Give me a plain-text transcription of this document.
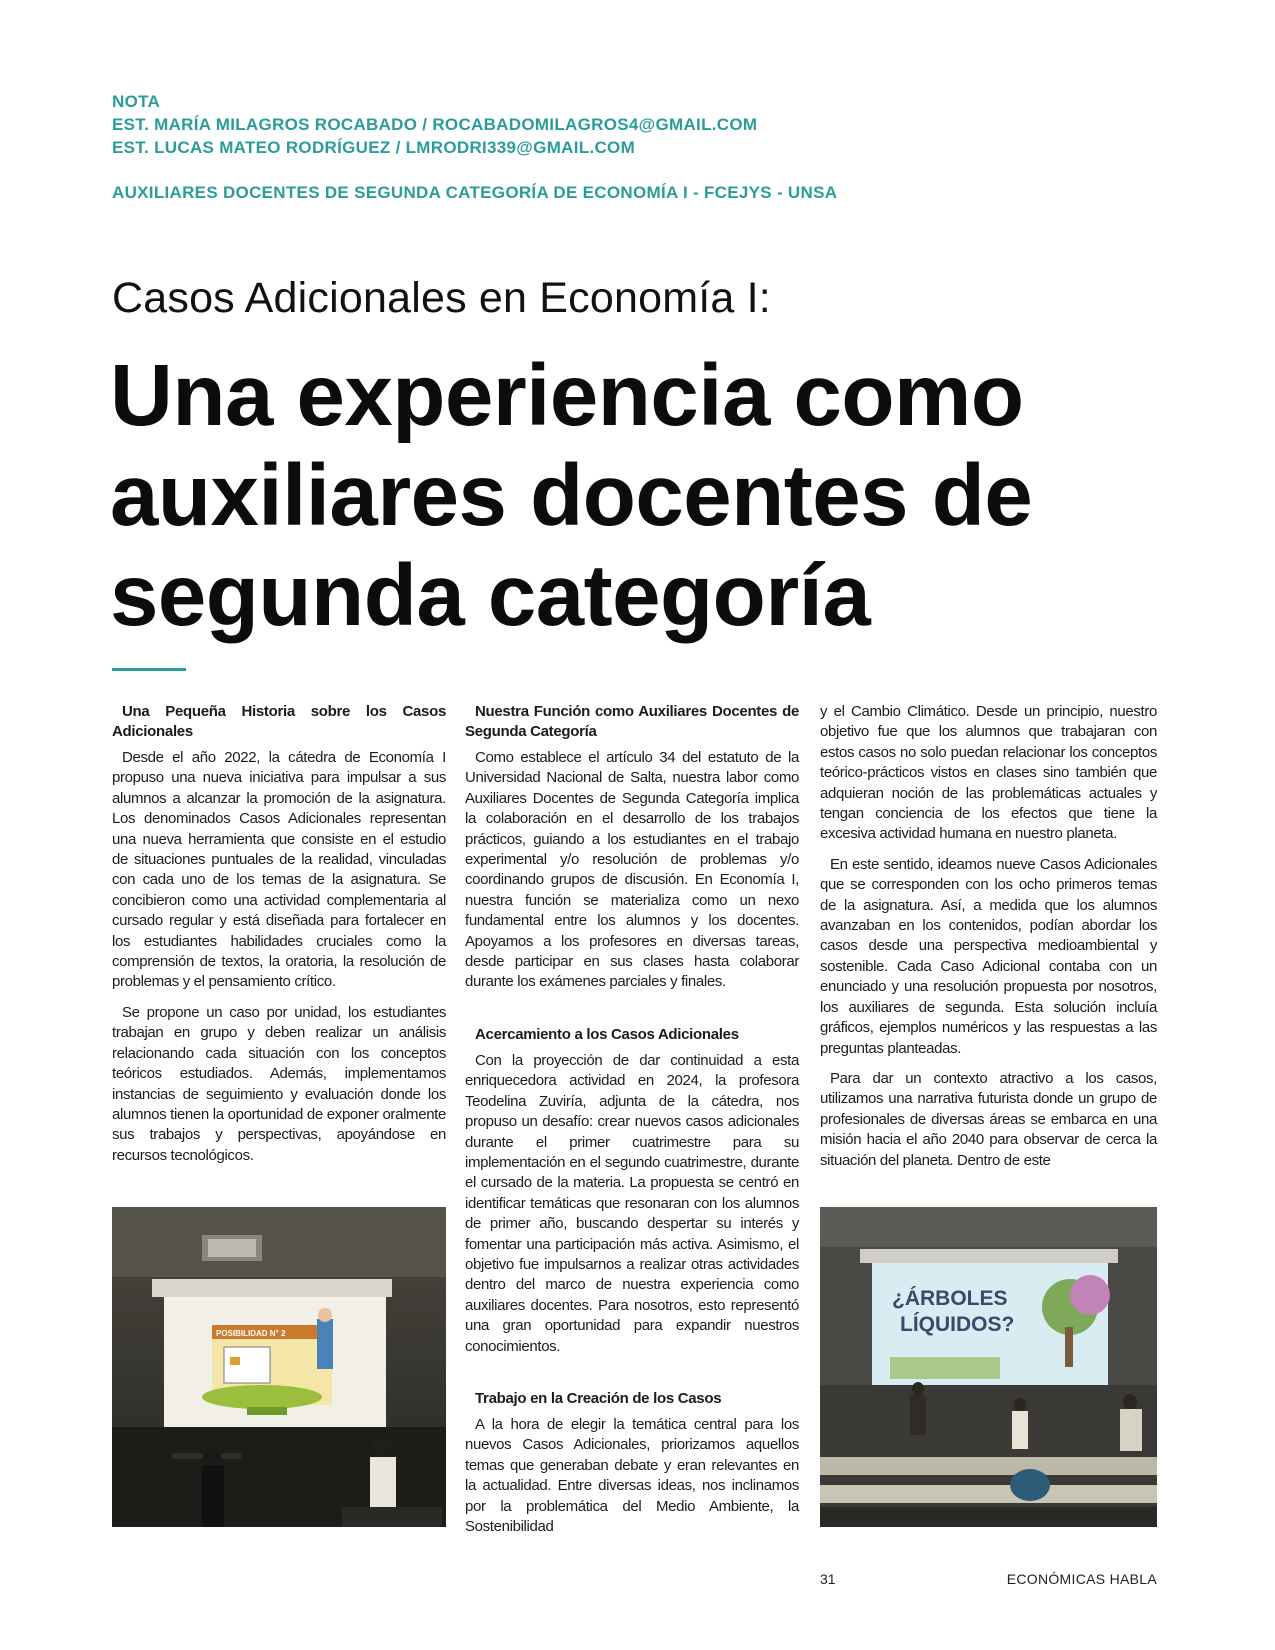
NOTA
EST. MARÍA MILAGROS ROCABADO / ROCABADOMILAGROS4@GMAIL.COM
EST. LUCAS MATEO RODRÍGUEZ / LMRODRI339@GMAIL.COM
AUXILIARES DOCENTES DE SEGUNDA CATEGORÍA DE ECONOMÍA I - FCEJYS - UNSA
Casos Adicionales en Economía I:
Una experiencia como auxiliares docentes de segunda categoría
Una Pequeña Historia sobre los Casos Adicionales

Desde el año 2022, la cátedra de Economía I propuso una nueva iniciativa para impulsar a sus alumnos a alcanzar la promoción de la asignatura. Los denominados Casos Adicionales representan una nueva herramienta que consiste en el estudio de situaciones puntuales de la realidad, vinculadas con cada uno de los temas de la asignatura. Se concibieron como una actividad complementaria al cursado regular y está diseñada para fortalecer en los estudiantes habilidades cruciales como la comprensión de textos, la oratoria, la resolución de problemas y el pensamiento crítico.

Se propone un caso por unidad, los estudiantes trabajan en grupo y deben realizar un análisis relacionando cada situación con los conceptos teóricos estudiados. Además, implementamos instancias de seguimiento y evaluación donde los alumnos tienen la oportunidad de exponer oralmente sus trabajos y perspectivas, apoyándose en recursos tecnológicos.

Nuestra Función como Auxiliares Docentes de Segunda Categoría

Como establece el artículo 34 del estatuto de la Universidad Nacional de Salta, nuestra labor como Auxiliares Docentes de Segunda Categoría implica la colaboración en el desarrollo de los trabajos prácticos, guiando a los estudiantes en el trabajo experimental y/o resolución de problemas y/o coordinando grupos de discusión. En Economía I, nuestra función se materializa como un nexo fundamental entre los alumnos y los docentes. Apoyamos a los profesores en diversas tareas, desde participar en sus clases hasta colaborar durante los exámenes parciales y finales.

Acercamiento a los Casos Adicionales

Con la proyección de dar continuidad a esta enriquecedora actividad en 2024, la profesora Teodelina Zuviría, adjunta de la cátedra, nos propuso un desafío: crear nuevos casos adicionales durante el primer cuatrimestre para su implementación en el segundo cuatrimestre, durante el cursado de la materia. La propuesta se centró en identificar temáticas que resonaran con los alumnos de primer año, buscando despertar su interés y fomentar una participación más activa. Asimismo, el objetivo fue impulsarnos a realizar otras actividades dentro del marco de nuestra experiencia como auxiliares docentes. Para nosotros, esto representó una gran oportunidad para expandir nuestros conocimientos.

Trabajo en la Creación de los Casos

A la hora de elegir la temática central para los nuevos Casos Adicionales, priorizamos aquellos temas que generaban debate y eran relevantes en la actualidad. Entre diversas ideas, nos inclinamos por la problemática del Medio Ambiente, la Sostenibilidad

y el Cambio Climático. Desde un principio, nuestro objetivo fue que los alumnos que trabajaran con estos casos no solo puedan relacionar los conceptos teórico-prácticos vistos en clases sino también que adquieran noción de las problemáticas actuales y tengan conciencia de los efectos que tiene la excesiva actividad humana en nuestro planeta.

En este sentido, ideamos nueve Casos Adicionales que se corresponden con los ocho primeros temas de la asignatura. Así, a medida que los alumnos avanzaban en los contenidos, podían abordar los casos desde una perspectiva medioambiental y sostenible. Cada Caso Adicional contaba con un enunciado y una resolución propuesta por nosotros, los auxiliares de segunda. Esta solución incluía gráficos, ejemplos numéricos y las respuestas a las preguntas planteadas.

Para dar un contexto atractivo a los casos, utilizamos una narrativa futurista donde un grupo de profesionales de diversas áreas se embarca en una misión hacia el año 2040 para observar de cerca la situación del planeta. Dentro de este

POSIBILIDAD N° 2
¿ÁRBOLES
LÍQUIDOS?
31	ECONÓMICAS HABLA
